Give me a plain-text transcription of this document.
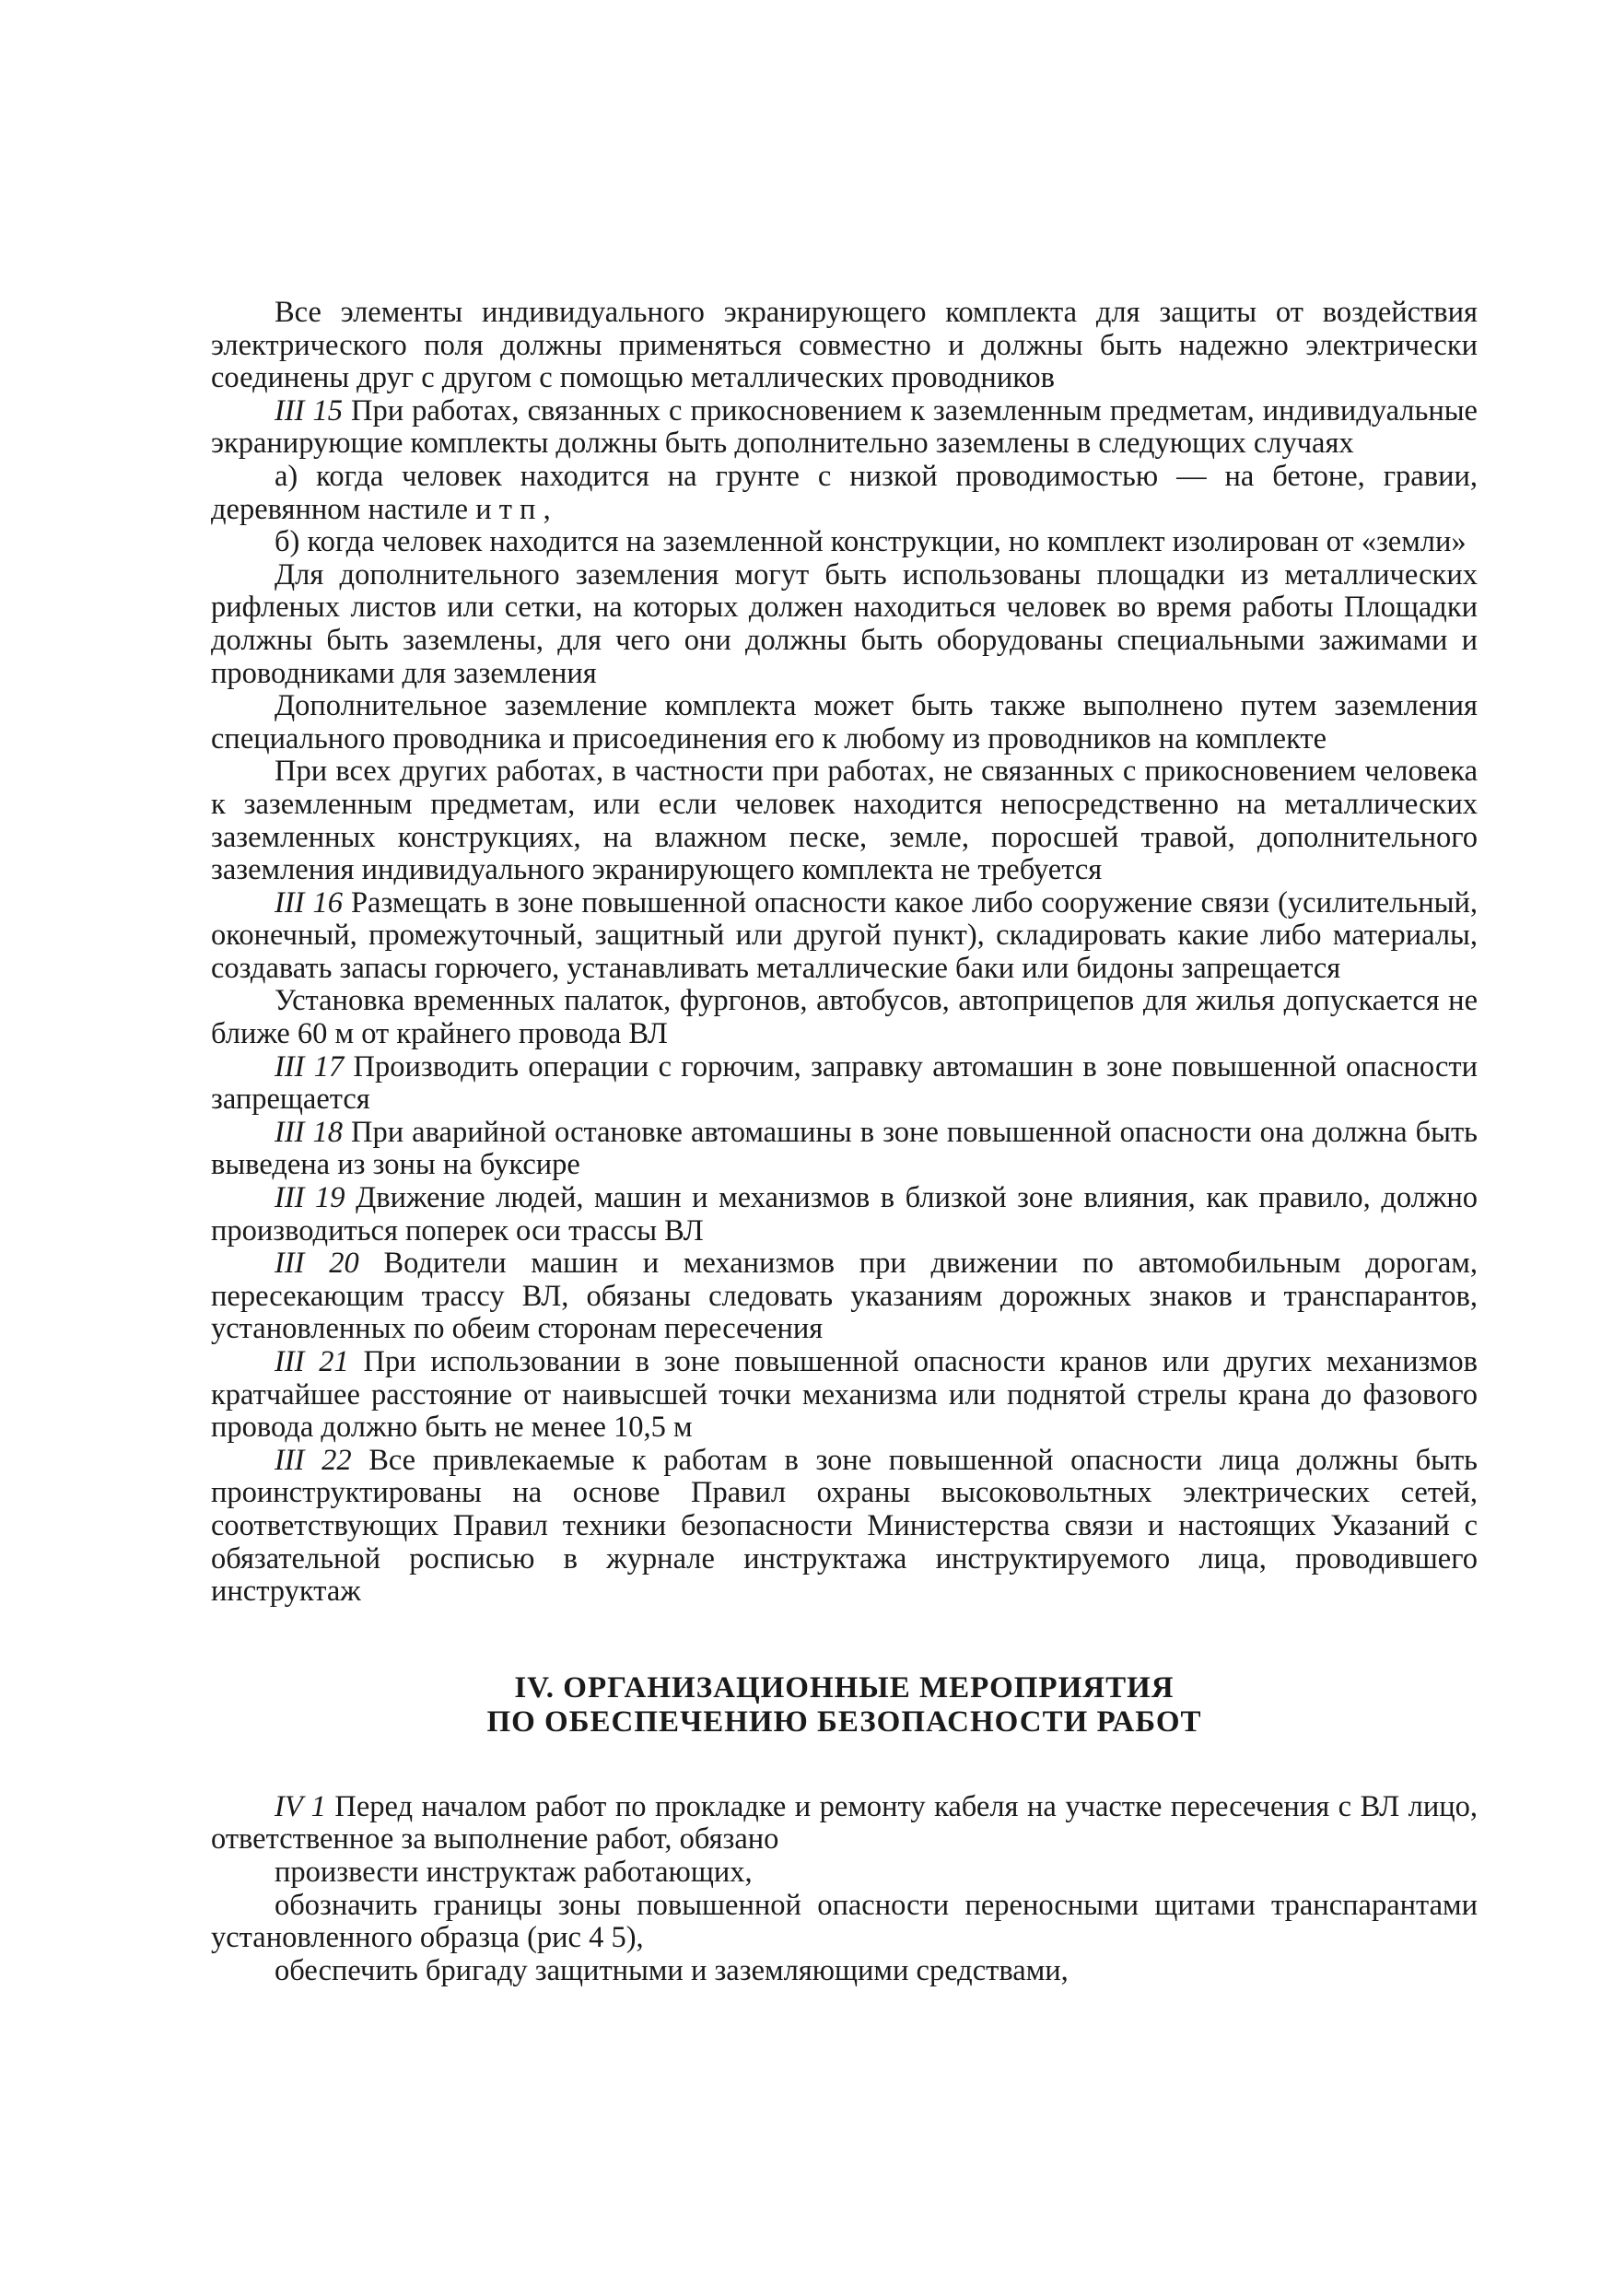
Все элементы индивидуального экранирующего комплекта для защиты от воздействия электрического поля должны применяться совместно и должны быть надежно электрически соединены друг с другом с помощью металлических проводников

III 15 При работах, связанных с прикосновением к заземленным предметам, индивидуальные экранирующие комплекты должны быть дополнительно заземлены в следующих случаях

а) когда человек находится на грунте с низкой проводимостью — на бетоне, гравии, деревянном настиле и т п ,

б) когда человек находится на заземленной конструкции, но комплект изолирован от «земли»

Для дополнительного заземления могут быть использованы площадки из металлических рифленых листов или сетки, на которых должен находиться человек во время работы Площадки должны быть заземлены, для чего они должны быть оборудованы специальными зажимами и проводниками для заземления

Дополнительное заземление комплекта может быть также выполнено путем заземления специального проводника и присоединения его к любому из проводников на комплекте

При всех других работах, в частности при работах, не связанных с прикосновением человека к заземленным предметам, или если человек находится непосредственно на металлических заземленных конструкциях, на влажном песке, земле, поросшей травой, дополнительного заземления индивидуального экранирующего комплекта не требуется

III 16 Размещать в зоне повышенной опасности какое либо сооружение связи (усилительный, оконечный, промежуточный, защитный или другой пункт), складировать какие либо материалы, создавать запасы горючего, устанавливать металлические баки или бидоны запрещается

Установка временных палаток, фургонов, автобусов, автоприцепов для жилья допускается не ближе 60 м от крайнего провода ВЛ

III 17 Производить операции с горючим, заправку автомашин в зоне повышенной опасности запрещается

III 18 При аварийной остановке автомашины в зоне повышенной опасности она должна быть выведена из зоны на буксире

III 19 Движение людей, машин и механизмов в близкой зоне влияния, как правило, должно производиться поперек оси трассы ВЛ

III 20 Водители машин и механизмов при движении по автомобильным дорогам, пересекающим трассу ВЛ, обязаны следовать указаниям дорожных знаков и транспарантов, установленных по обеим сторонам пересечения

III 21 При использовании в зоне повышенной опасности кранов или других механизмов кратчайшее расстояние от наивысшей точки механизма или поднятой стрелы крана до фазового провода должно быть не менее 10,5 м

III 22 Все привлекаемые к работам в зоне повышенной опасности лица должны быть проинструктированы на основе Правил охраны высоковольтных электрических сетей, соответствующих Правил техники безопасности Министерства связи и настоящих Указаний с обязательной росписью в журнале инструктажа инструктируемого лица, проводившего инструктаж

IV. ОРГАНИЗАЦИОННЫЕ МЕРОПРИЯТИЯ

ПО ОБЕСПЕЧЕНИЮ БЕЗОПАСНОСТИ РАБОТ

IV 1 Перед началом работ по прокладке и ремонту кабеля на участке пересечения с ВЛ лицо, ответственное за выполнение работ, обязано

произвести инструктаж работающих,

обозначить границы зоны повышенной опасности переносными щитами транспарантами установленного образца (рис 4 5),

обеспечить бригаду защитными и заземляющими средствами,
